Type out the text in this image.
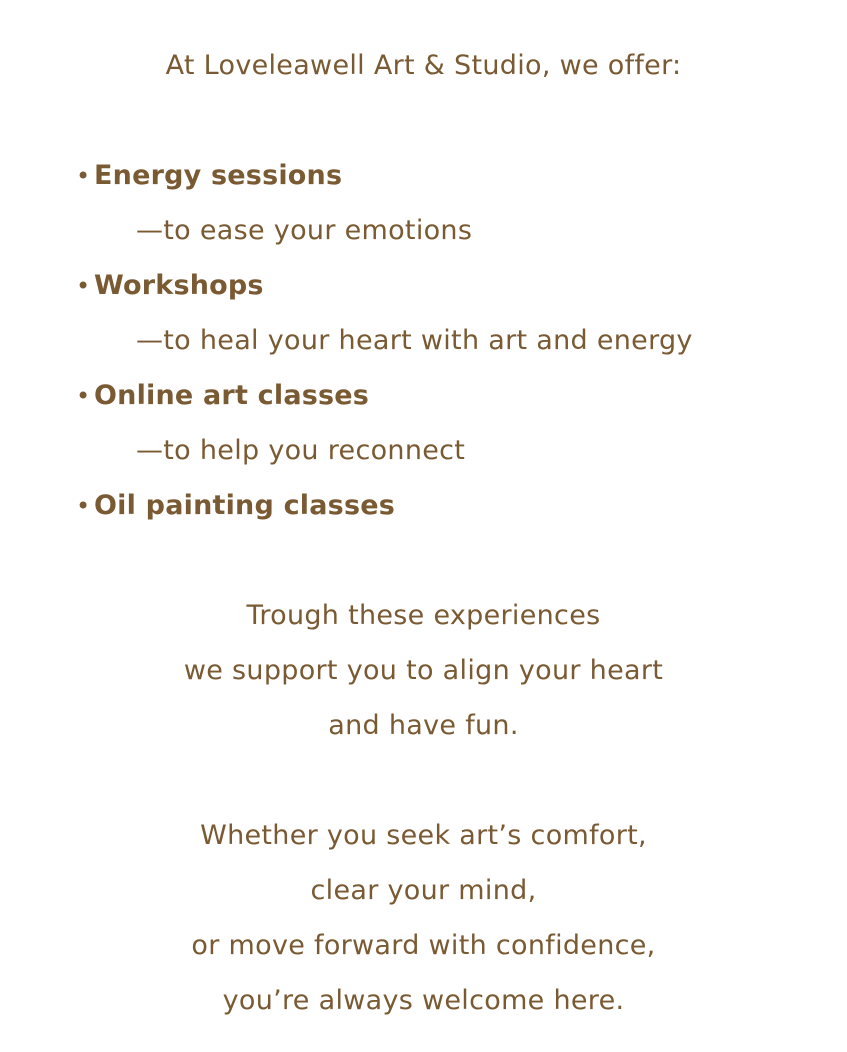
At Loveleawell Art & Studio, we offer:
• Energy sessions
—to ease your emotions
• Workshops
—to heal your heart with art and energy
• Online art classes
—to help you reconnect
• Oil painting classes
Trough these experiences
we support you to align your heart
and have fun.
Whether you seek art’s comfort,
clear your mind,
or move forward with confidence,
you’re always welcome here.
